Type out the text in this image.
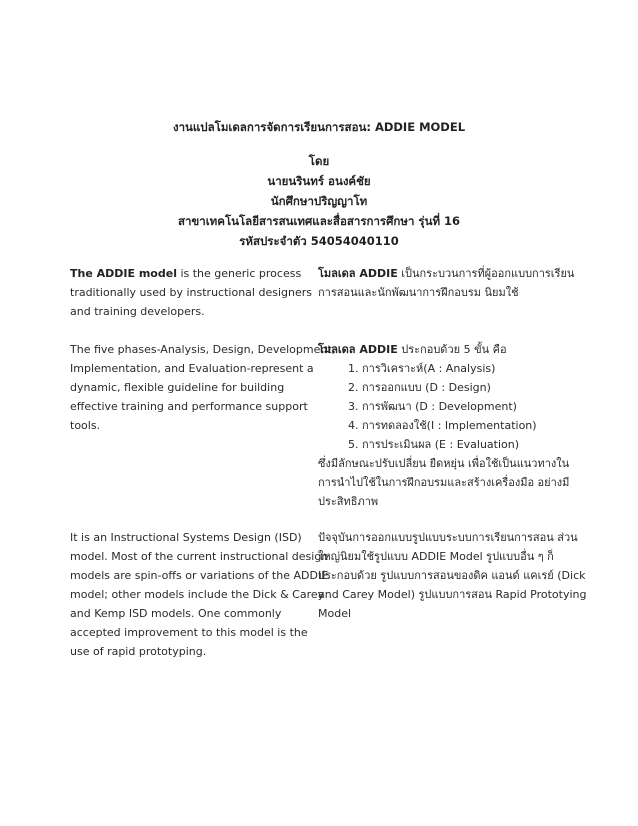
งานแปลโมเดลการจัดการเรียนการสอน: ADDIE MODEL
โดย
นายนรินทร์ อนงค์ชัย
นักศึกษาปริญญาโท
สาขาเทคโนโลยีสารสนเทศและสื่อสารการศึกษา รุ่นที่ 16
รหัสประจำตัว 54054040110
The ADDIE model is the generic process
traditionally used by instructional designers
and training developers.
โมลเดล ADDIE เป็นกระบวนการที่ผู้ออกแบบการเรียน
การสอนและนักพัฒนาการฝึกอบรม นิยมใช้
The five phases-Analysis, Design, Development,
Implementation, and Evaluation-represent a
dynamic, flexible guideline for building
effective training and performance support
tools.
โมลเดล ADDIE ประกอบด้วย 5 ขั้น คือ
1. การวิเคราะห์(A : Analysis)
2. การออกแบบ (D : Design)
3. การพัฒนา (D : Development)
4. การทดลองใช้(I : Implementation)
5. การประเมินผล (E : Evaluation)
ซึ่งมีลักษณะปรับเปลี่ยน ยืดหยุ่น เพื่อใช้เป็นแนวทางใน
การนำไปใช้ในการฝึกอบรมและสร้างเครื่องมือ อย่างมี
ประสิทธิภาพ
It is an Instructional Systems Design (ISD)
model. Most of the current instructional design
models are spin-offs or variations of the ADDIE
model; other models include the Dick & Carey
and Kemp ISD models. One commonly
accepted improvement to this model is the
use of rapid prototyping.
ปัจจุบันการออกแบบรูปแบบระบบการเรียนการสอน ส่วน
ใหญ่นิยมใช้รูปแบบ ADDIE Model รูปแบบอื่น ๆ ก็
ประกอบด้วย รูปแบบการสอนของดิค แอนด์ แคเรย์ (Dick
and Carey Model) รูปแบบการสอน Rapid Prototying
Model
